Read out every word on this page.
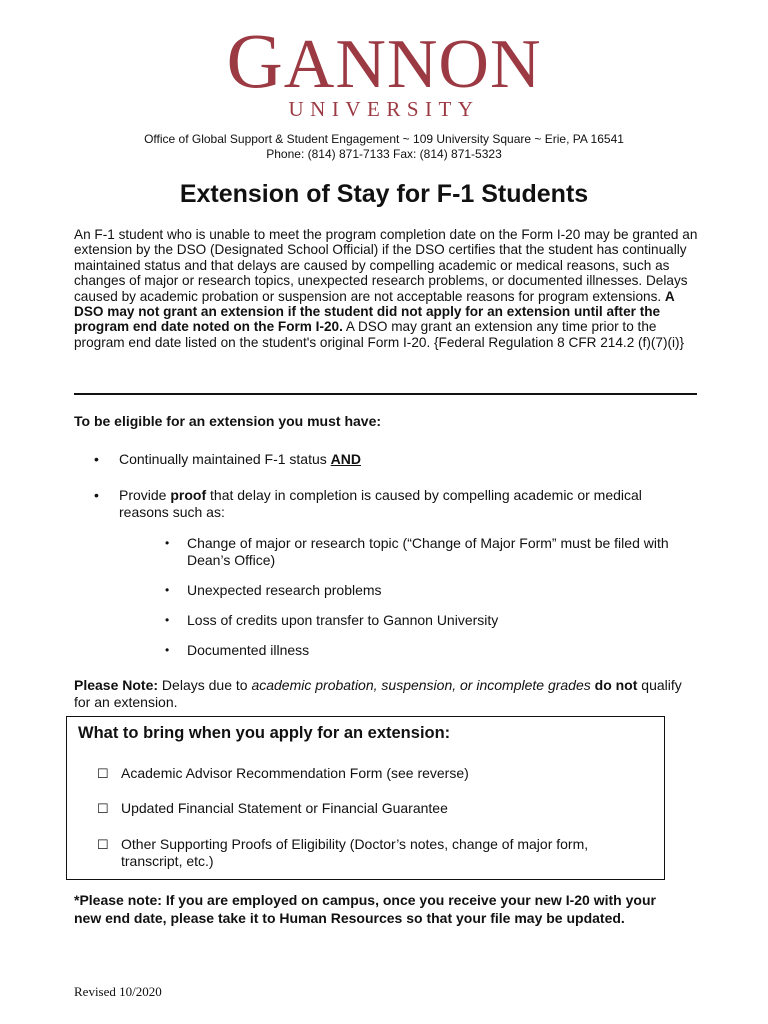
GANNON
UNIVERSITY
Office of Global Support & Student Engagement ~ 109 University Square ~ Erie, PA 16541
Phone: (814) 871-7133 Fax: (814) 871-5323
Extension of Stay for F-1 Students
An F-1 student who is unable to meet the program completion date on the Form I-20 may be granted an extension by the DSO (Designated School Official) if the DSO certifies that the student has continually maintained status and that delays are caused by compelling academic or medical reasons, such as changes of major or research topics, unexpected research problems, or documented illnesses. Delays caused by academic probation or suspension are not acceptable reasons for program extensions. A DSO may not grant an extension if the student did not apply for an extension until after the program end date noted on the Form I-20. A DSO may grant an extension any time prior to the program end date listed on the student's original Form I-20. {Federal Regulation 8 CFR 214.2 (f)(7)(i)}
To be eligible for an extension you must have:
• Continually maintained F-1 status AND
• Provide proof that delay in completion is caused by compelling academic or medical reasons such as:
• Change of major or research topic (“Change of Major Form” must be filed with Dean’s Office)
• Unexpected research problems
• Loss of credits upon transfer to Gannon University
• Documented illness
Please Note: Delays due to academic probation, suspension, or incomplete grades do not qualify for an extension.
What to bring when you apply for an extension:
☐ Academic Advisor Recommendation Form (see reverse)
☐ Updated Financial Statement or Financial Guarantee
☐ Other Supporting Proofs of Eligibility (Doctor’s notes, change of major form, transcript, etc.)
*Please note: If you are employed on campus, once you receive your new I-20 with your new end date, please take it to Human Resources so that your file may be updated.
Revised 10/2020
